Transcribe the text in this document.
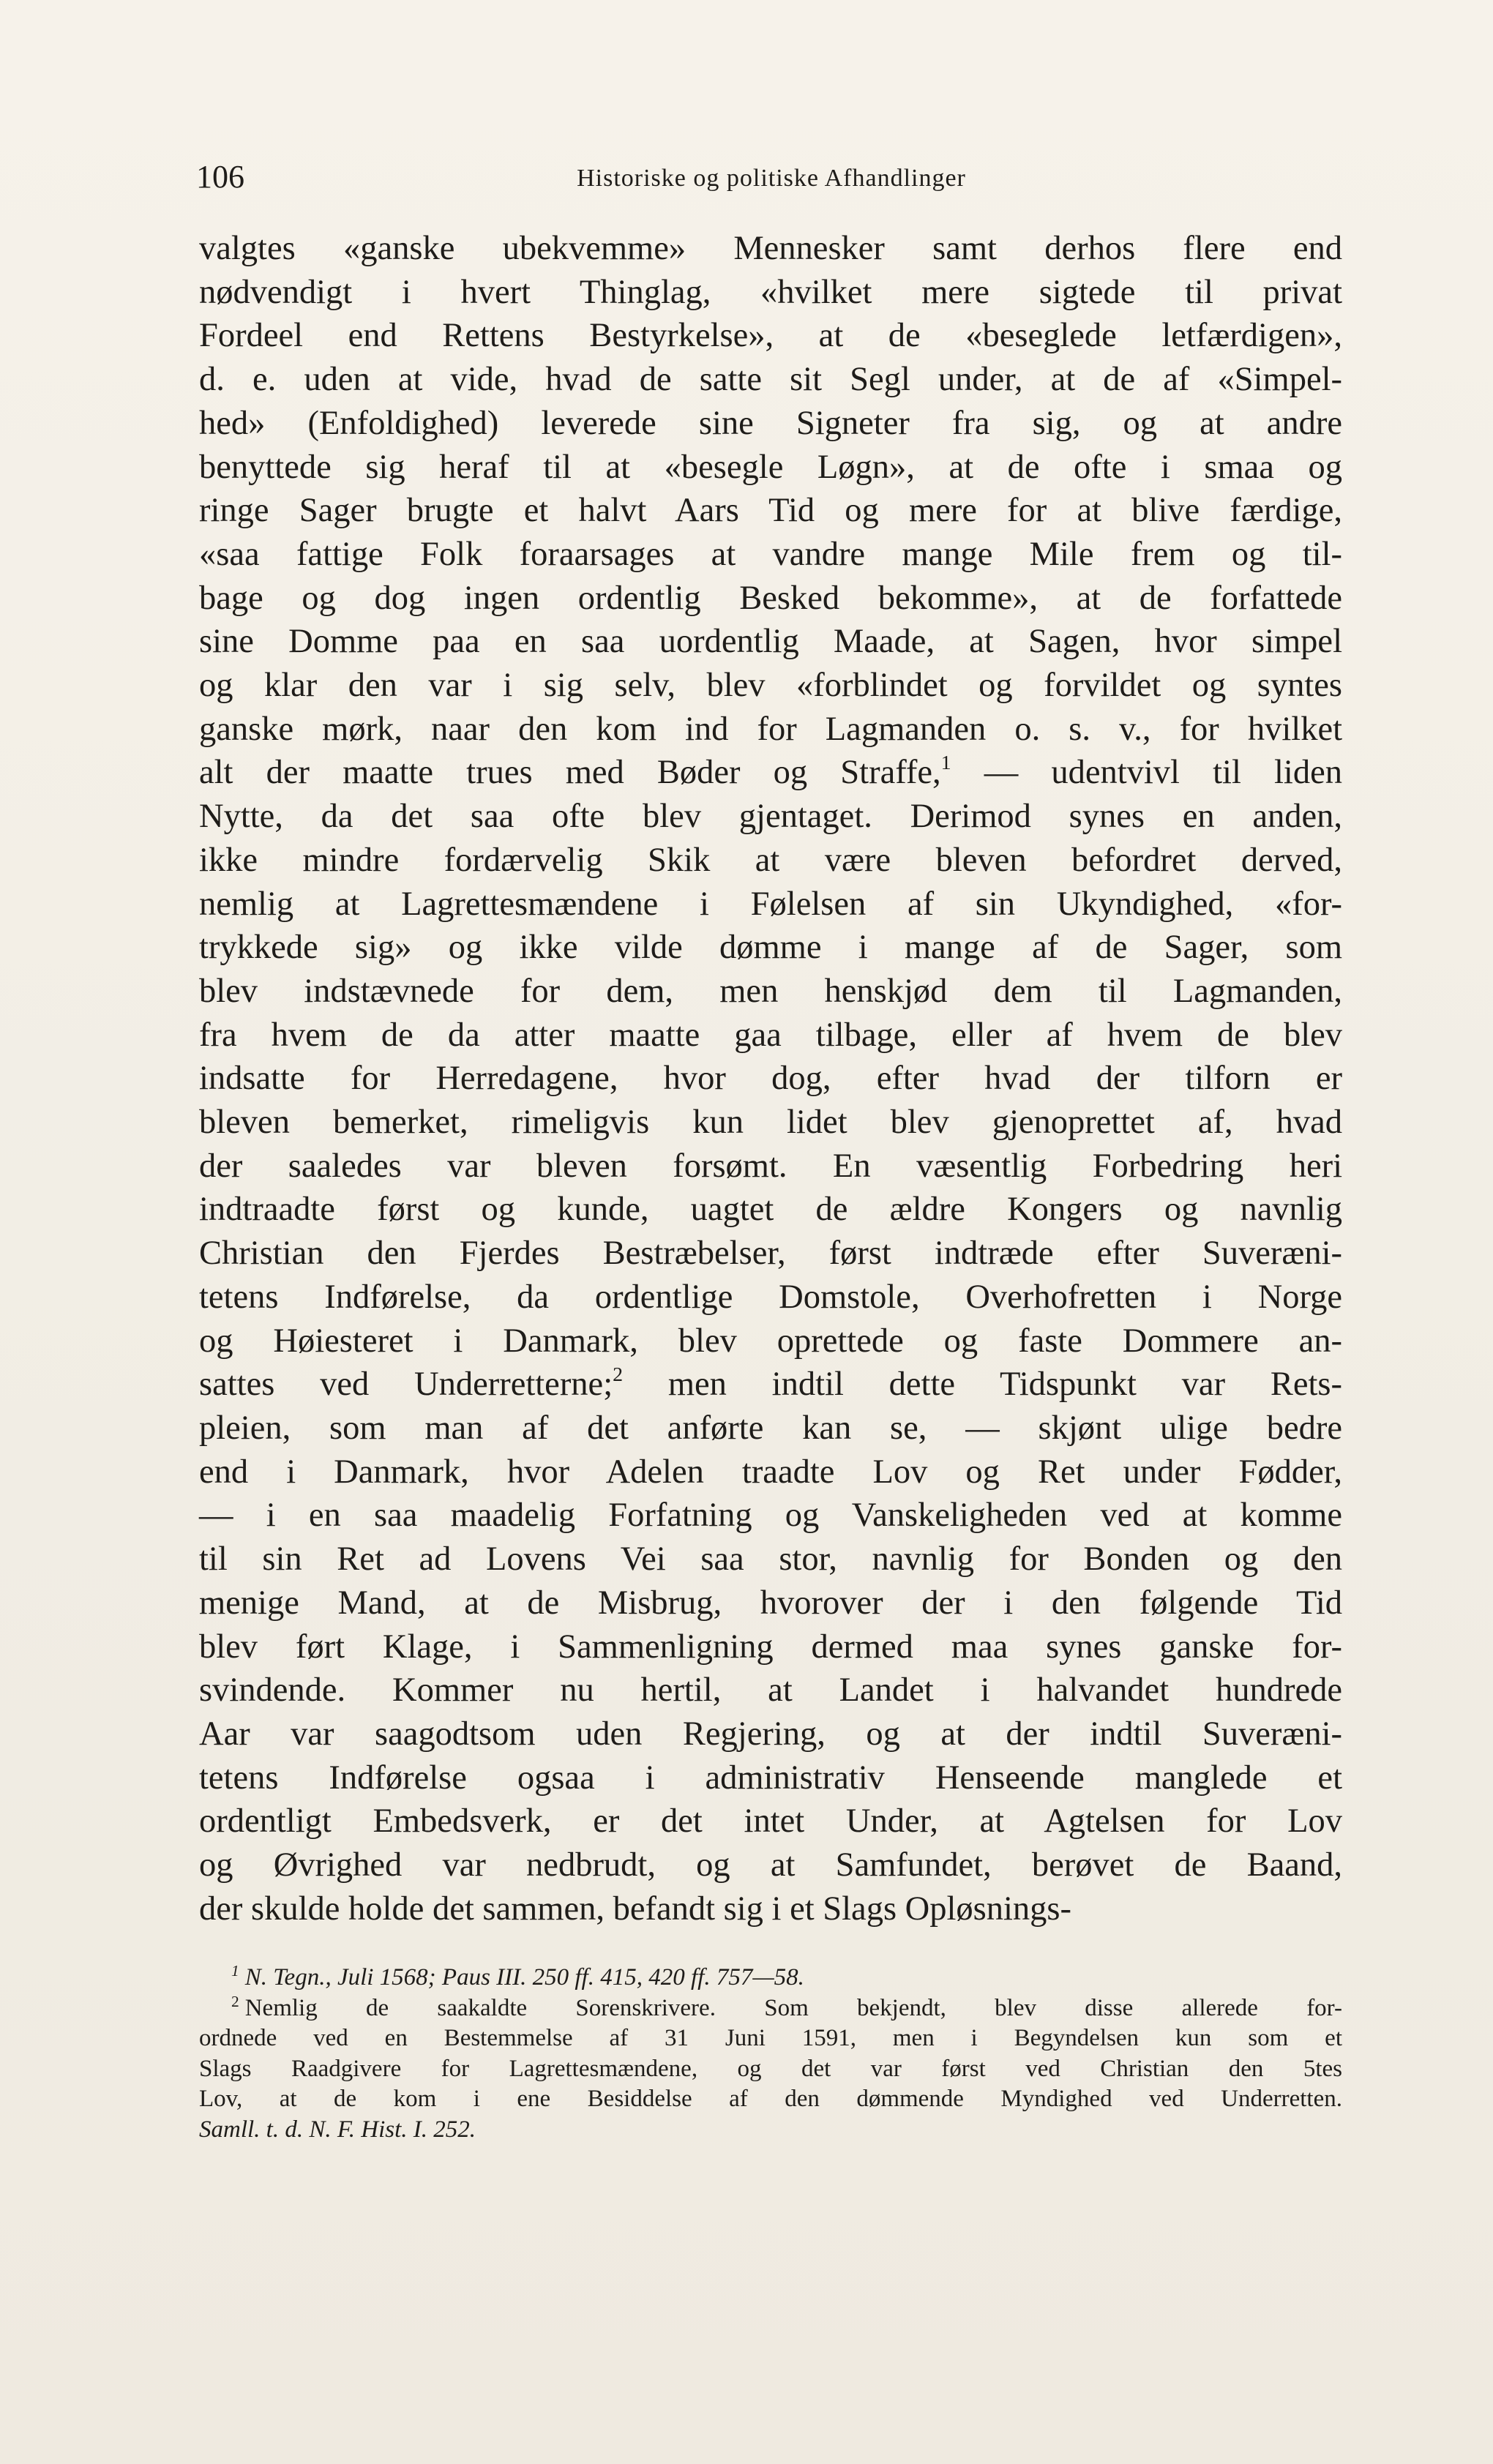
106	Historiske og politiske Afhandlinger
valgtes «ganske ubekvemme» Mennesker samt derhos flere end
nødvendigt i hvert Thinglag, «hvilket mere sigtede til privat
Fordeel end Rettens Bestyrkelse», at de «beseglede letfærdigen»,
d. e. uden at vide, hvad de satte sit Segl under, at de af «Simpel-
hed» (Enfoldighed) leverede sine Signeter fra sig, og at andre
benyttede sig heraf til at «besegle Løgn», at de ofte i smaa og
ringe Sager brugte et halvt Aars Tid og mere for at blive færdige,
«saa fattige Folk foraarsages at vandre mange Mile frem og til-
bage og dog ingen ordentlig Besked bekomme», at de forfattede
sine Domme paa en saa uordentlig Maade, at Sagen, hvor simpel
og klar den var i sig selv, blev «forblindet og forvildet og syntes
ganske mørk, naar den kom ind for Lagmanden o. s. v., for hvilket
alt der maatte trues med Bøder og Straffe,$^1$ — udentvivl til liden
Nytte, da det saa ofte blev gjentaget. Derimod synes en anden,
ikke mindre fordærvelig Skik at være bleven befordret derved,
nemlig at Lagrettesmændene i Følelsen af sin Ukyndighed, «for-
trykkede sig» og ikke vilde dømme i mange af de Sager, som
blev indstævnede for dem, men henskjød dem til Lagmanden,
fra hvem de da atter maatte gaa tilbage, eller af hvem de blev
indsatte for Herredagene, hvor dog, efter hvad der tilforn er
bleven bemerket, rimeligvis kun lidet blev gjenoprettet af, hvad
der saaledes var bleven forsømt. En væsentlig Forbedring heri
indtraadte først og kunde, uagtet de ældre Kongers og navnlig
Christian den Fjerdes Bestræbelser, først indtræde efter Suveræni-
tetens Indførelse, da ordentlige Domstole, Overhofretten i Norge
og Høiesteret i Danmark, blev oprettede og faste Dommere an-
sattes ved Underretterne;$^2$ men indtil dette Tidspunkt var Rets-
pleien, som man af det anførte kan se, — skjønt ulige bedre
end i Danmark, hvor Adelen traadte Lov og Ret under Fødder,
— i en saa maadelig Forfatning og Vanskeligheden ved at komme
til sin Ret ad Lovens Vei saa stor, navnlig for Bonden og den
menige Mand, at de Misbrug, hvorover der i den følgende Tid
blev ført Klage, i Sammenligning dermed maa synes ganske for-
svindende. Kommer nu hertil, at Landet i halvandet hundrede
Aar var saagodtsom uden Regjering, og at der indtil Suveræni-
tetens Indførelse ogsaa i administrativ Henseende manglede et
ordentligt Embedsverk, er det intet Under, at Agtelsen for Lov
og Øvrighed var nedbrudt, og at Samfundet, berøvet de Baand,
der skulde holde det sammen, befandt sig i et Slags Opløsnings-
$^1$ N. Tegn., Juli 1568; Paus III. 250 ff. 415, 420 ff. 757—58.
$^2$ Nemlig de saakaldte Sorenskrivere. Som bekjendt, blev disse allerede for-
ordnede ved en Bestemmelse af 31 Juni 1591, men i Begyndelsen kun som et
Slags Raadgivere for Lagrettesmændene, og det var først ved Christian den 5tes
Lov, at de kom i ene Besiddelse af den dømmende Myndighed ved Underretten.
Samll. t. d. N. F. Hist. I. 252.
